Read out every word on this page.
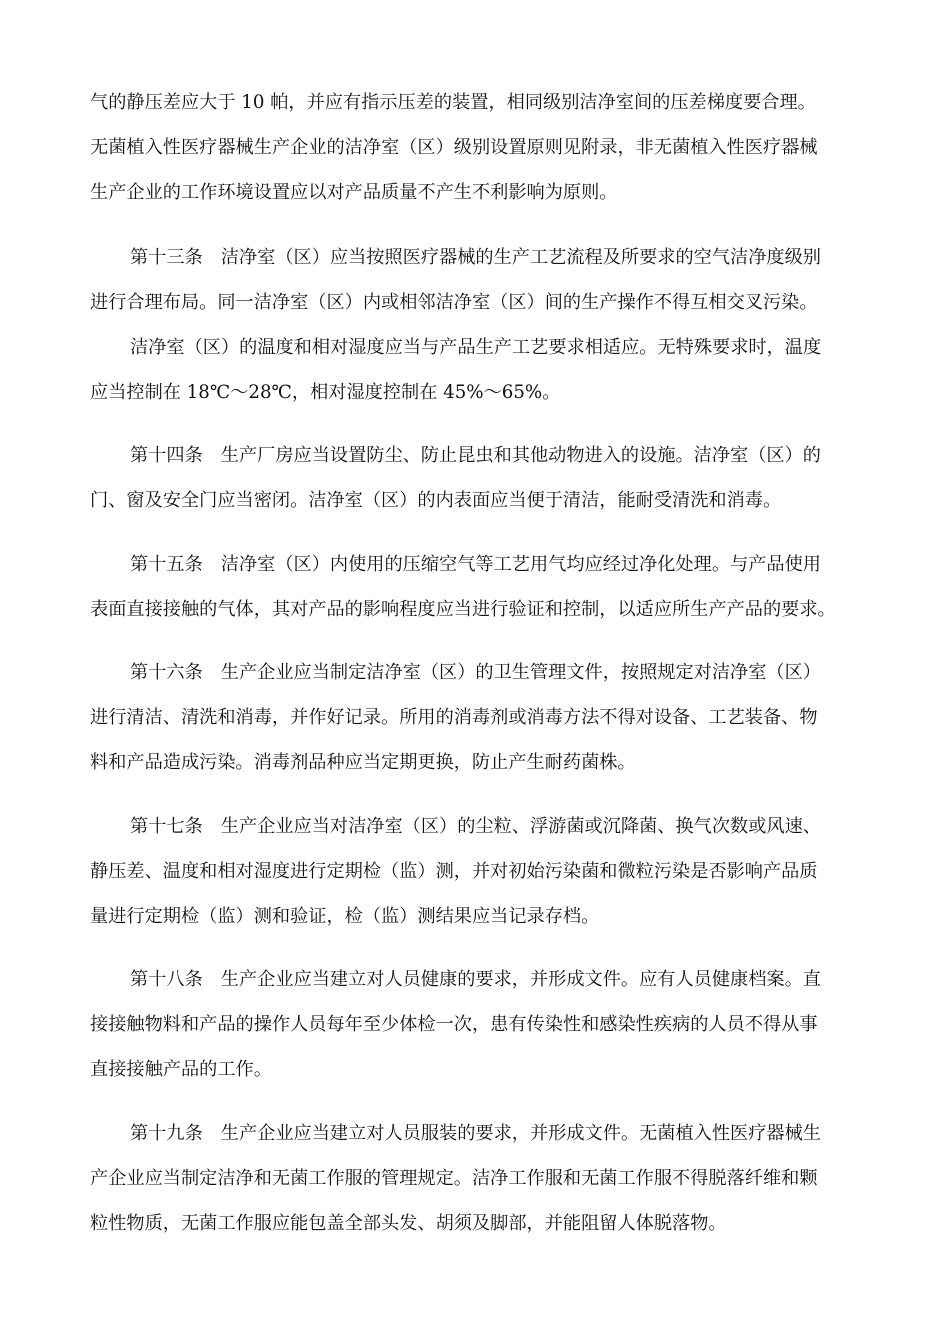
气的静压差应大于 10 帕，并应有指示压差的装置，相同级别洁净室间的压差梯度要合理。
无菌植入性医疗器械生产企业的洁净室（区）级别设置原则见附录，非无菌植入性医疗器械
生产企业的工作环境设置应以对产品质量不产生不利影响为原则。
第十三条 洁净室（区）应当按照医疗器械的生产工艺流程及所要求的空气洁净度级别
进行合理布局。同一洁净室（区）内或相邻洁净室（区）间的生产操作不得互相交叉污染。
洁净室（区）的温度和相对湿度应当与产品生产工艺要求相适应。无特殊要求时，温度
应当控制在 18℃～28℃，相对湿度控制在 45%～65%。
第十四条 生产厂房应当设置防尘、防止昆虫和其他动物进入的设施。洁净室（区）的
门、窗及安全门应当密闭。洁净室（区）的内表面应当便于清洁，能耐受清洗和消毒。
第十五条 洁净室（区）内使用的压缩空气等工艺用气均应经过净化处理。与产品使用
表面直接接触的气体，其对产品的影响程度应当进行验证和控制，以适应所生产产品的要求。
第十六条 生产企业应当制定洁净室（区）的卫生管理文件，按照规定对洁净室（区）
进行清洁、清洗和消毒，并作好记录。所用的消毒剂或消毒方法不得对设备、工艺装备、物
料和产品造成污染。消毒剂品种应当定期更换，防止产生耐药菌株。
第十七条 生产企业应当对洁净室（区）的尘粒、浮游菌或沉降菌、换气次数或风速、
静压差、温度和相对湿度进行定期检（监）测，并对初始污染菌和微粒污染是否影响产品质
量进行定期检（监）测和验证，检（监）测结果应当记录存档。
第十八条 生产企业应当建立对人员健康的要求，并形成文件。应有人员健康档案。直
接接触物料和产品的操作人员每年至少体检一次，患有传染性和感染性疾病的人员不得从事
直接接触产品的工作。
第十九条 生产企业应当建立对人员服装的要求，并形成文件。无菌植入性医疗器械生
产企业应当制定洁净和无菌工作服的管理规定。洁净工作服和无菌工作服不得脱落纤维和颗
粒性物质，无菌工作服应能包盖全部头发、胡须及脚部，并能阻留人体脱落物。
